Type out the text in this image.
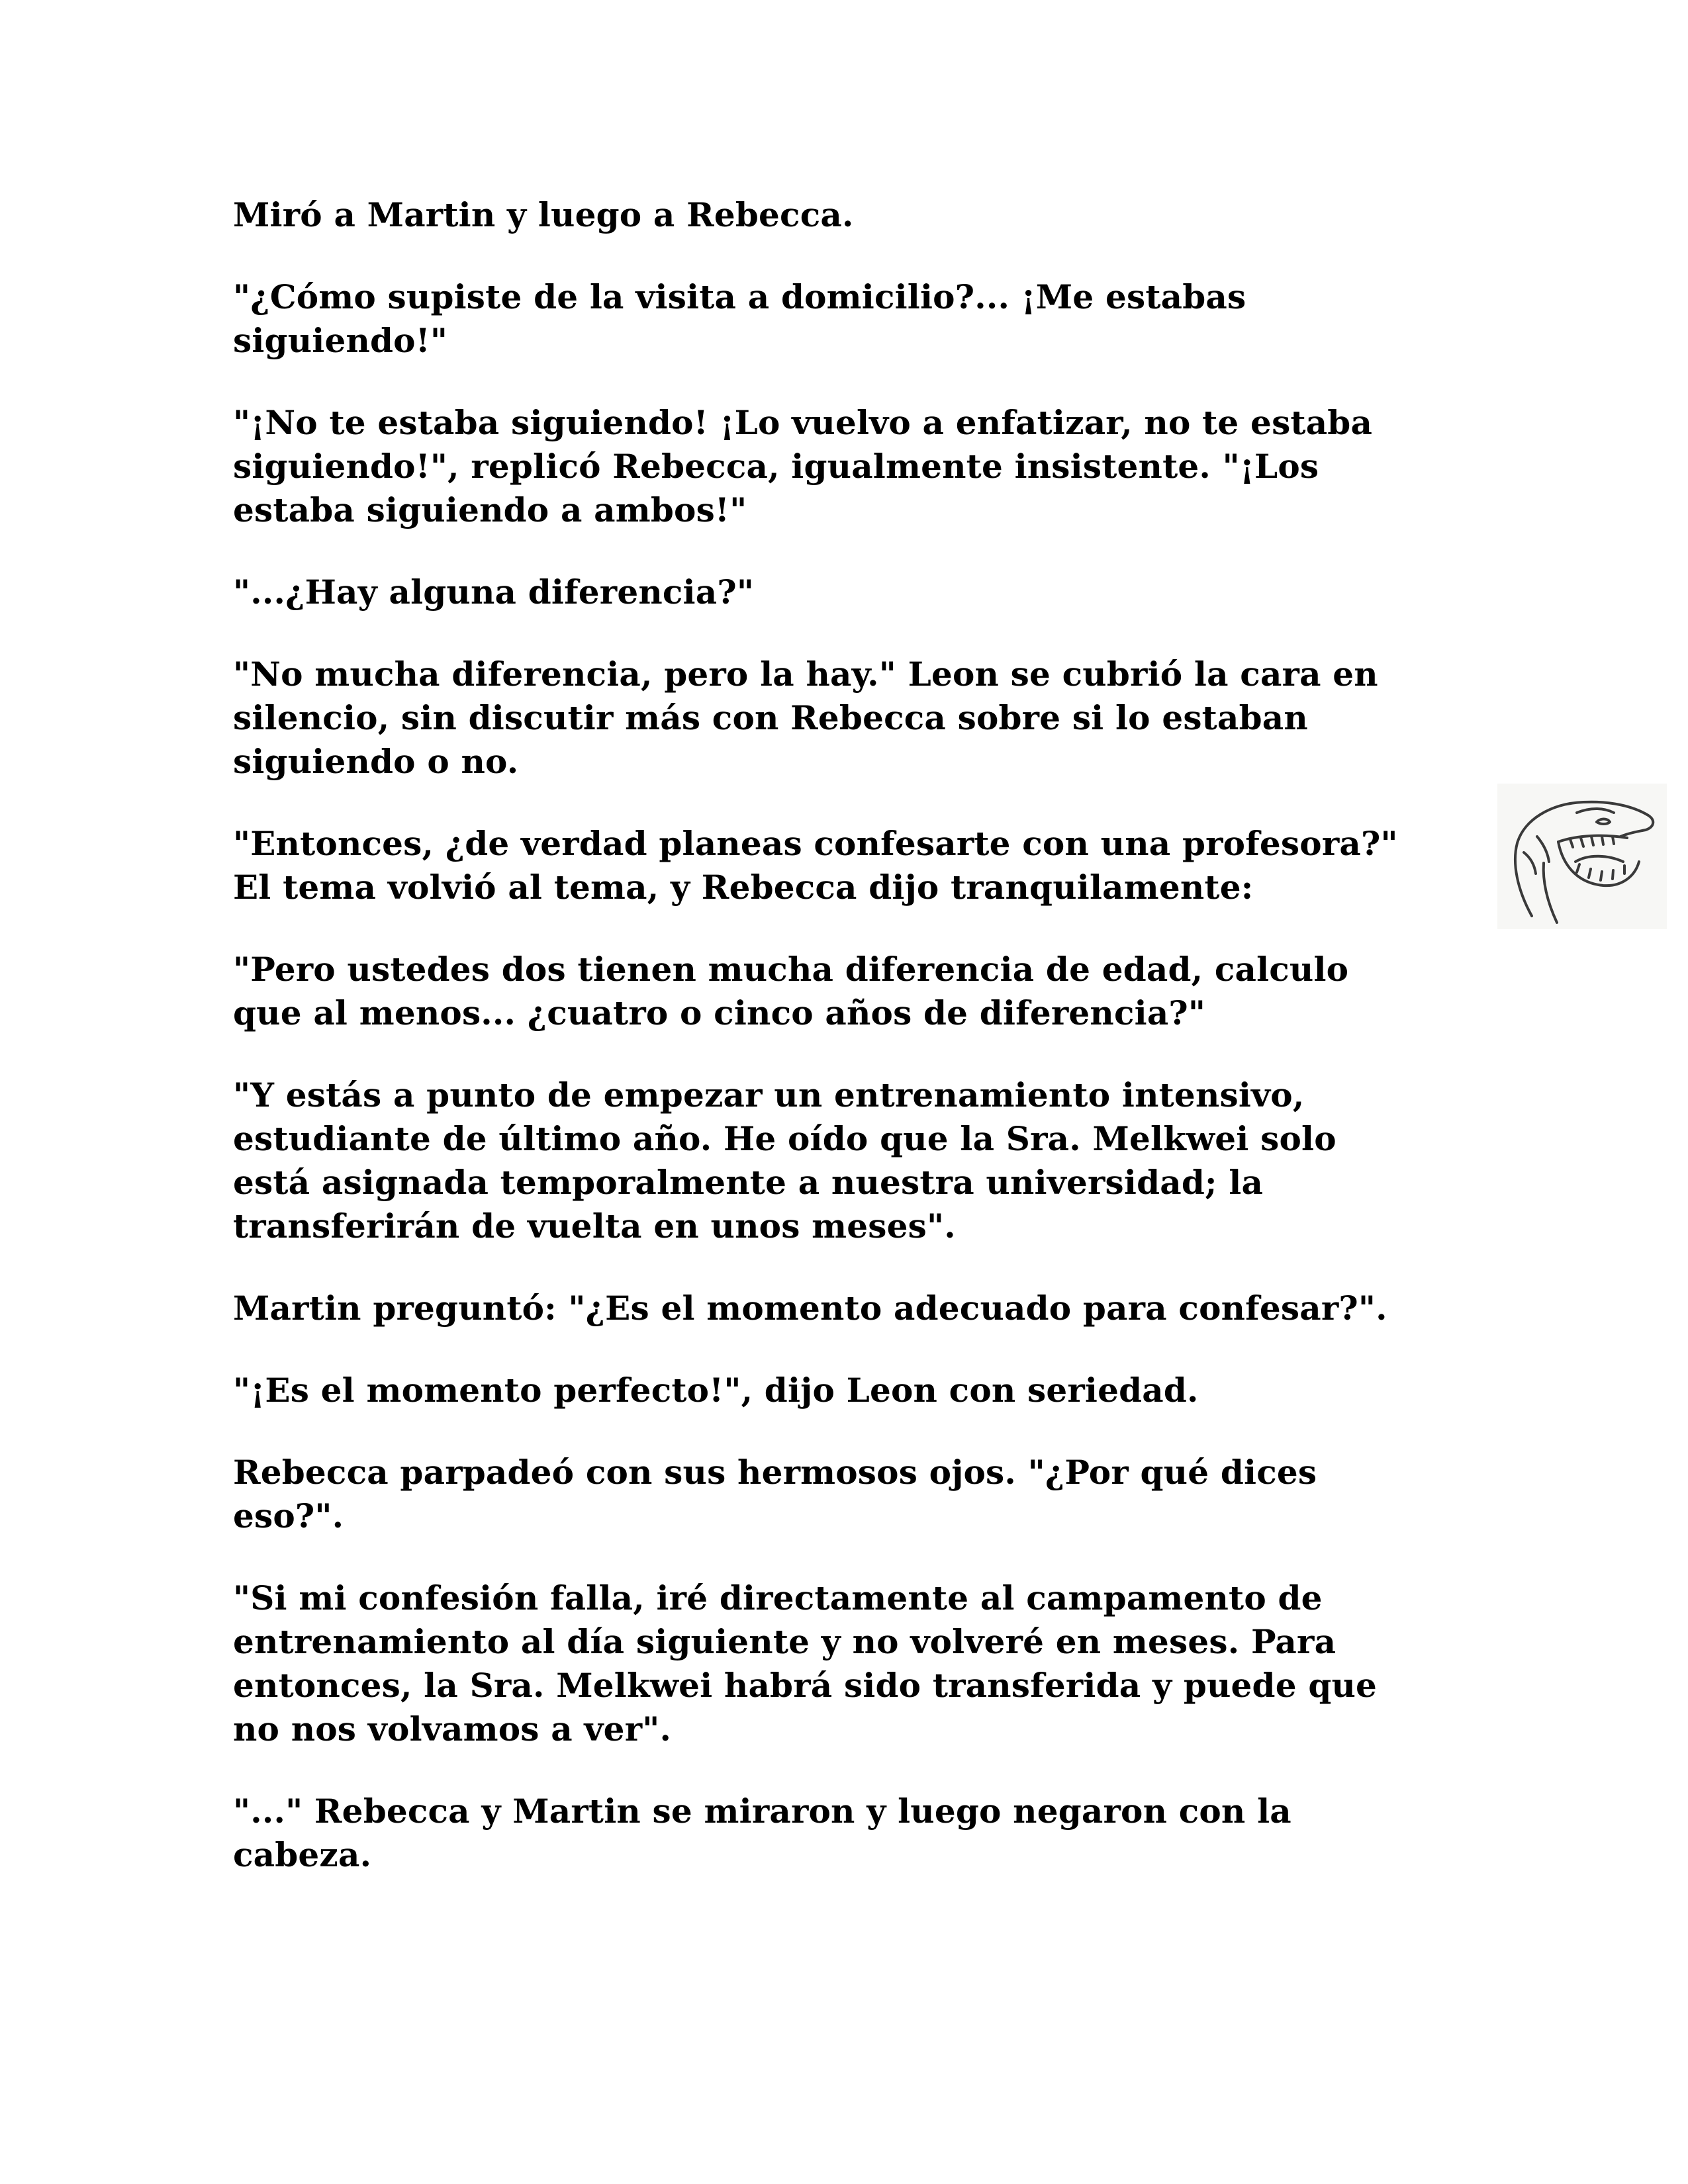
Miró a Martin y luego a Rebecca.

"¿Cómo supiste de la visita a domicilio?... ¡Me estabas
siguiendo!"

"¡No te estaba siguiendo! ¡Lo vuelvo a enfatizar, no te estaba
siguiendo!", replicó Rebecca, igualmente insistente. "¡Los
estaba siguiendo a ambos!"

"...¿Hay alguna diferencia?"

"No mucha diferencia, pero la hay." Leon se cubrió la cara en
silencio, sin discutir más con Rebecca sobre si lo estaban
siguiendo o no.

"Entonces, ¿de verdad planeas confesarte con una profesora?"
El tema volvió al tema, y Rebecca dijo tranquilamente:

"Pero ustedes dos tienen mucha diferencia de edad, calculo
que al menos... ¿cuatro o cinco años de diferencia?"

"Y estás a punto de empezar un entrenamiento intensivo,
estudiante de último año. He oído que la Sra. Melkwei solo
está asignada temporalmente a nuestra universidad; la
transferirán de vuelta en unos meses".

Martin preguntó: "¿Es el momento adecuado para confesar?".

"¡Es el momento perfecto!", dijo Leon con seriedad.

Rebecca parpadeó con sus hermosos ojos. "¿Por qué dices
eso?".

"Si mi confesión falla, iré directamente al campamento de
entrenamiento al día siguiente y no volveré en meses. Para
entonces, la Sra. Melkwei habrá sido transferida y puede que
no nos volvamos a ver".

"..." Rebecca y Martin se miraron y luego negaron con la
cabeza.
